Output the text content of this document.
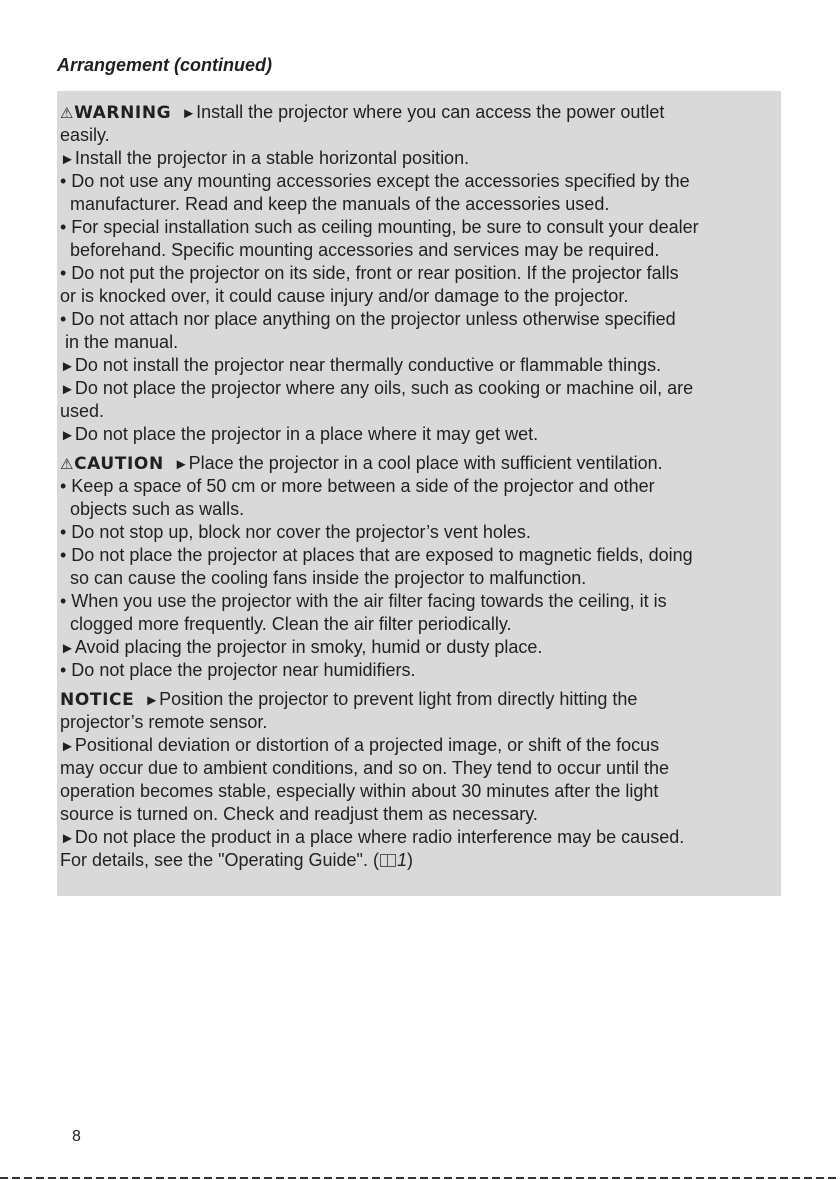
Arrangement (continued)
⚠WARNING ►Install the projector where you can access the power outlet
easily.
►Install the projector in a stable horizontal position.
• Do not use any mounting accessories except the accessories specified by the
manufacturer. Read and keep the manuals of the accessories used.
• For special installation such as ceiling mounting, be sure to consult your dealer
beforehand. Specific mounting accessories and services may be required.
• Do not put the projector on its side, front or rear position. If the projector falls
or is knocked over, it could cause injury and/or damage to the projector.
• Do not attach nor place anything on the projector unless otherwise specified
in the manual.
►Do not install the projector near thermally conductive or flammable things.
►Do not place the projector where any oils, such as cooking or machine oil, are
used.
►Do not place the projector in a place where it may get wet.
⚠CAUTION ►Place the projector in a cool place with sufficient ventilation.
• Keep a space of 50 cm or more between a side of the projector and other
objects such as walls.
• Do not stop up, block nor cover the projector’s vent holes.
• Do not place the projector at places that are exposed to magnetic fields, doing
so can cause the cooling fans inside the projector to malfunction.
• When you use the projector with the air filter facing towards the ceiling, it is
clogged more frequently. Clean the air filter periodically.
►Avoid placing the projector in smoky, humid or dusty place.
• Do not place the projector near humidifiers.
NOTICE ►Position the projector to prevent light from directly hitting the
projector’s remote sensor.
►Positional deviation or distortion of a projected image, or shift of the focus
may occur due to ambient conditions, and so on. They tend to occur until the
operation becomes stable, especially within about 30 minutes after the light
source is turned on. Check and readjust them as necessary.
►Do not place the product in a place where radio interference may be caused.
For details, see the "Operating Guide". ( 1)
8
